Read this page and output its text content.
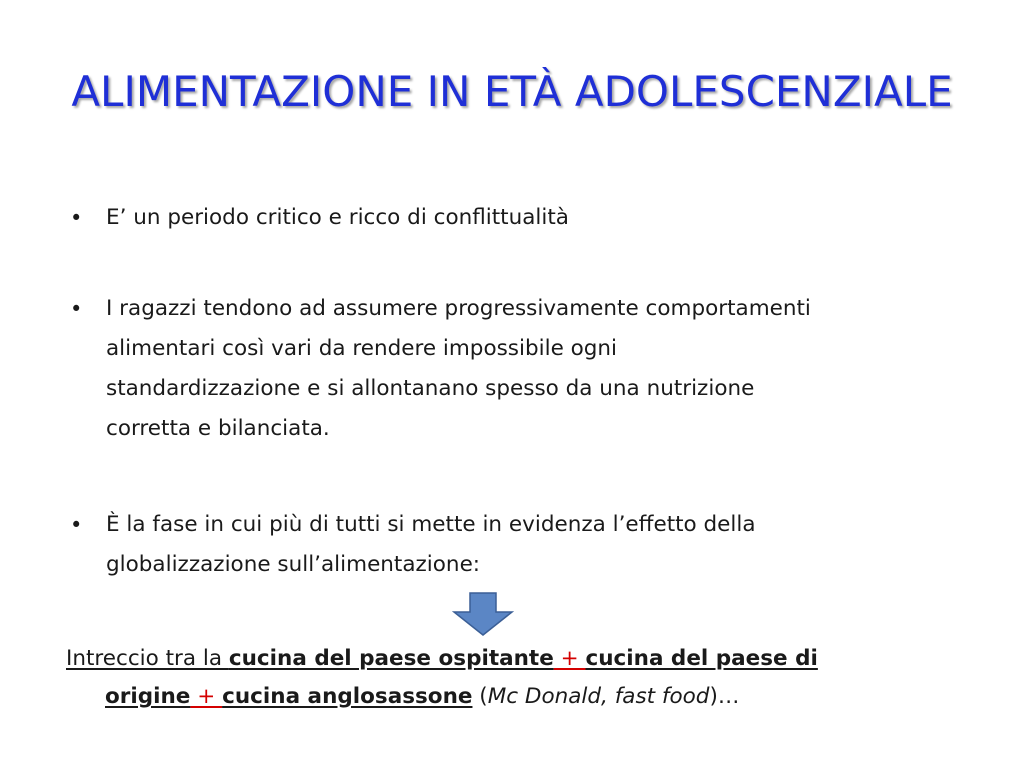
ALIMENTAZIONE IN ETÀ ADOLESCENZIALE
• E’ un periodo critico e ricco di conflittualità
• I ragazzi tendono ad assumere progressivamente comportamenti
alimentari così vari da rendere impossibile ogni
standardizzazione e si allontanano spesso da una nutrizione
corretta e bilanciata.
• È la fase in cui più di tutti si mette in evidenza l’effetto della
globalizzazione sull’alimentazione:
Intreccio tra la cucina del paese ospitante + cucina del paese di
origine + cucina anglosassone (Mc Donald, fast food)…
